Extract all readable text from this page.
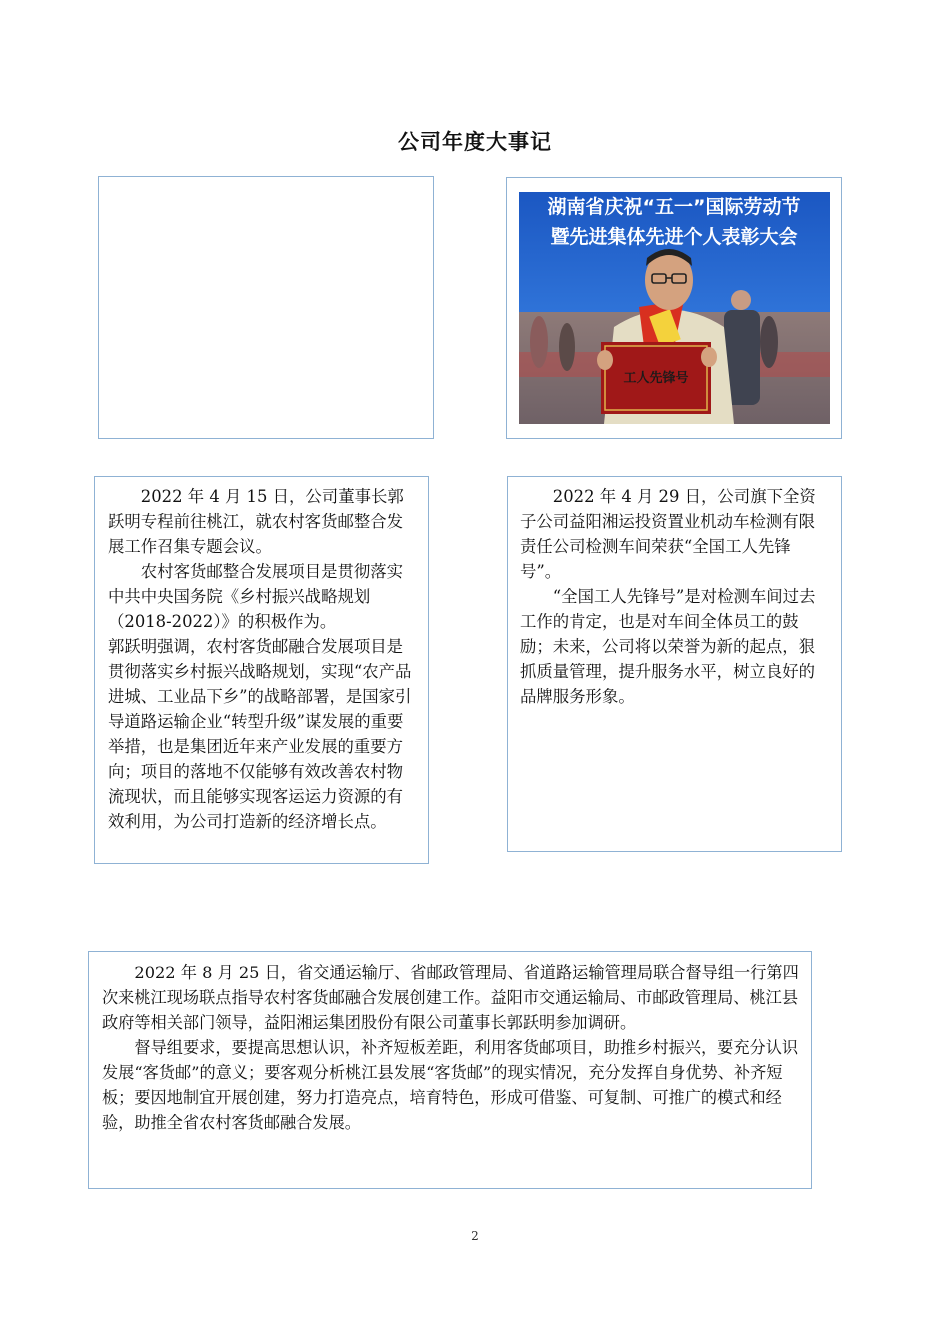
公司年度大事记
湖南省庆祝“五一”国际劳动节
暨先进集体先进个人表彰大会
工人先锋号

2022 年 4 月 15 日，公司董事长郭跃明专程前往桃江，就农村客货邮整合发展工作召集专题会议。

农村客货邮整合发展项目是贯彻落实中共中央国务院《乡村振兴战略规划（2018-2022）》的积极作为。

郭跃明强调，农村客货邮融合发展项目是贯彻落实乡村振兴战略规划，实现“农产品进城、工业品下乡”的战略部署，是国家引导道路运输企业“转型升级”谋发展的重要举措，也是集团近年来产业发展的重要方向；项目的落地不仅能够有效改善农村物流现状，而且能够实现客运运力资源的有效利用，为公司打造新的经济增长点。

2022 年 4 月 29 日，公司旗下全资子公司益阳湘运投资置业机动车检测有限责任公司检测车间荣获“全国工人先锋号”。

“全国工人先锋号”是对检测车间过去工作的肯定，也是对车间全体员工的鼓励；未来，公司将以荣誉为新的起点，狠抓质量管理，提升服务水平，树立良好的品牌服务形象。

2022 年 8 月 25 日，省交通运输厅、省邮政管理局、省道路运输管理局联合督导组一行第四次来桃江现场联点指导农村客货邮融合发展创建工作。益阳市交通运输局、市邮政管理局、桃江县政府等相关部门领导，益阳湘运集团股份有限公司董事长郭跃明参加调研。

督导组要求，要提高思想认识，补齐短板差距，利用客货邮项目，助推乡村振兴，要充分认识发展“客货邮”的意义；要客观分析桃江县发展“客货邮”的现实情况，充分发挥自身优势、补齐短板；要因地制宜开展创建，努力打造亮点，培育特色，形成可借鉴、可复制、可推广的模式和经验，助推全省农村客货邮融合发展。

2
